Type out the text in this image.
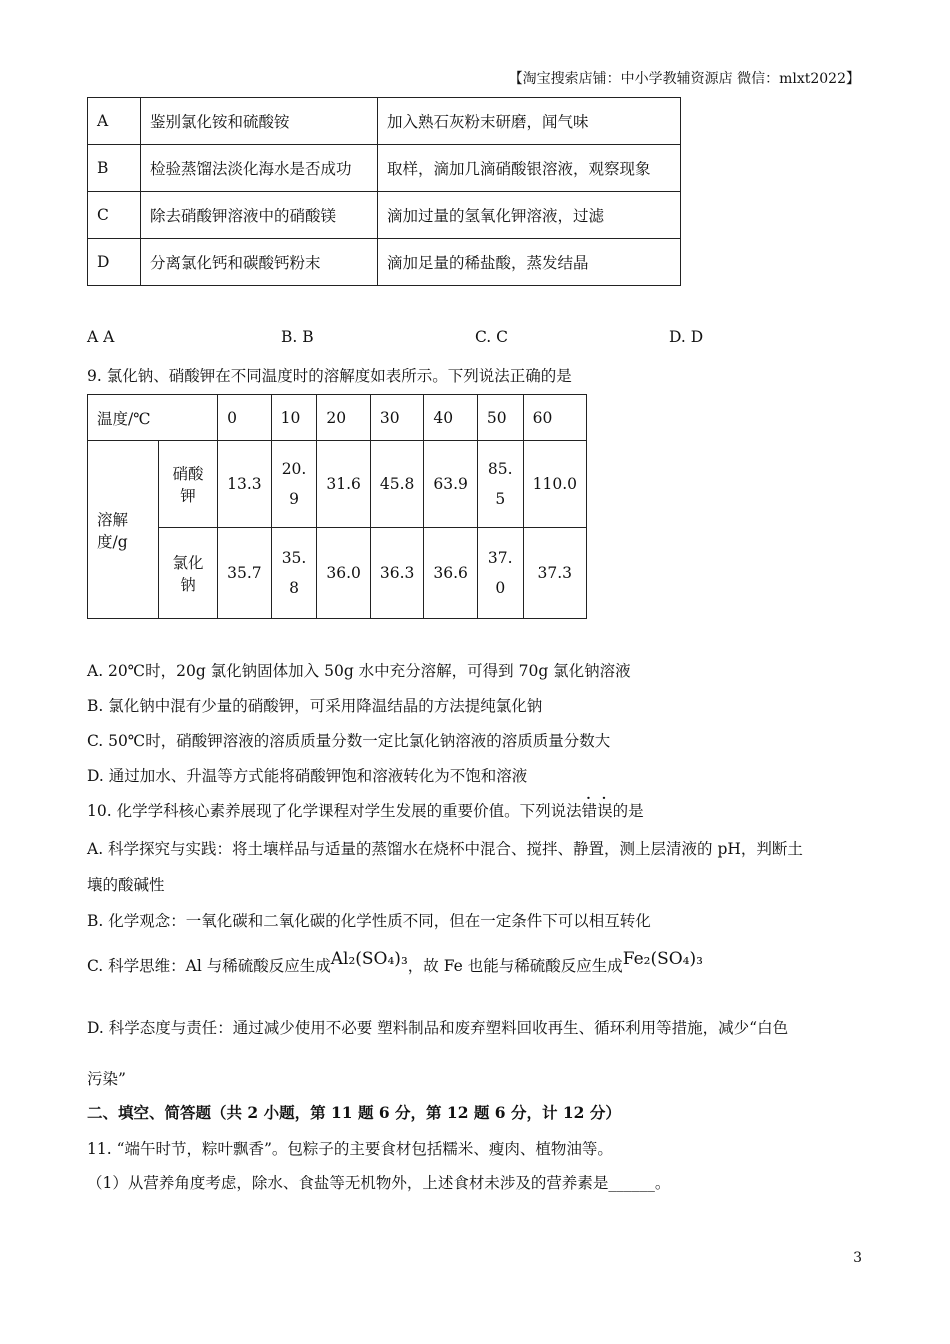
【淘宝搜索店铺：中小学教辅资源店 微信：mlxt2022】
A	鉴别氯化铵和硫酸铵	加入熟石灰粉末研磨，闻气味
B	检验蒸馏法淡化海水是否成功	取样，滴加几滴硝酸银溶液，观察现象
C	除去硝酸钾溶液中的硝酸镁	滴加过量的氢氧化钾溶液，过滤
D	分离氯化钙和碳酸钙粉末	滴加足量的稀盐酸，蒸发结晶
A A	B. B	C. C	D. D
9. 氯化钠、硝酸钾在不同温度时的溶解度如表所示。下列说法正确的是
温度/℃		0	10	20	30	40	50	60
溶解度/g	硝酸钾	13.3	20.9	31.6	45.8	63.9	85.5	110.0
	氯化钠	35.7	35.8	36.0	36.3	36.6	37.0	37.3
A. 20℃时，20g 氯化钠固体加入 50g 水中充分溶解，可得到 70g 氯化钠溶液
B. 氯化钠中混有少量的硝酸钾，可采用降温结晶的方法提纯氯化钠
C. 50℃时，硝酸钾溶液的溶质质量分数一定比氯化钠溶液的溶质质量分数大
D. 通过加水、升温等方式能将硝酸钾饱和溶液转化为不饱和溶液
10. 化学学科核心素养展现了化学课程对学生发展的重要价值。下列说法错误的是
A. 科学探究与实践：将土壤样品与适量的蒸馏水在烧杯中混合、搅拌、静置，测上层清液的 pH，判断土
壤的酸碱性
B. 化学观念：一氧化碳和二氧化碳的化学性质不同，但在一定条件下可以相互转化
C. 科学思维：Al 与稀硫酸反应生成Al₂(SO₄)₃，故 Fe 也能与稀硫酸反应生成Fe₂(SO₄)₃
D. 科学态度与责任：通过减少使用不必要 塑料制品和废弃塑料回收再生、循环利用等措施，减少“白色
污染”
二、填空、简答题（共 2 小题，第 11 题 6 分，第 12 题 6 分，计 12 分）
11. “端午时节，粽叶飘香”。包粽子的主要食材包括糯米、瘦肉、植物油等。
（1）从营养角度考虑，除水、食盐等无机物外，上述食材未涉及的营养素是______。
3
